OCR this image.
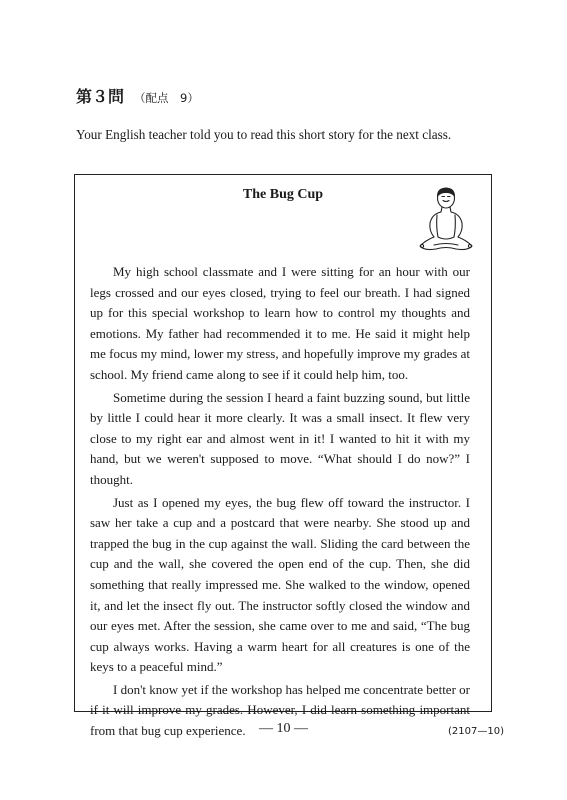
第３問 （配点　9）
Your English teacher told you to read this short story for the next class.
The Bug Cup

My high school classmate and I were sitting for an hour with our legs crossed and our eyes closed, trying to feel our breath. I had signed up for this special workshop to learn how to control my thoughts and emotions. My father had recommended it to me. He said it might help me focus my mind, lower my stress, and hopefully improve my grades at school. My friend came along to see if it could help him, too.

Sometime during the session I heard a faint buzzing sound, but little by little I could hear it more clearly. It was a small insect. It flew very close to my right ear and almost went in it! I wanted to hit it with my hand, but we weren't supposed to move. “What should I do now?” I thought.

Just as I opened my eyes, the bug flew off toward the instructor. I saw her take a cup and a postcard that were nearby. She stood up and trapped the bug in the cup against the wall. Sliding the card between the cup and the wall, she covered the open end of the cup. Then, she did something that really impressed me. She walked to the window, opened it, and let the insect fly out. The instructor softly closed the window and our eyes met. After the session, she came over to me and said, “The bug cup always works. Having a warm heart for all creatures is one of the keys to a peaceful mind.”

I don't know yet if the workshop has helped me concentrate better or if it will improve my grades. However, I did learn something important from that bug cup experience. — 10 —	(2107—10)
